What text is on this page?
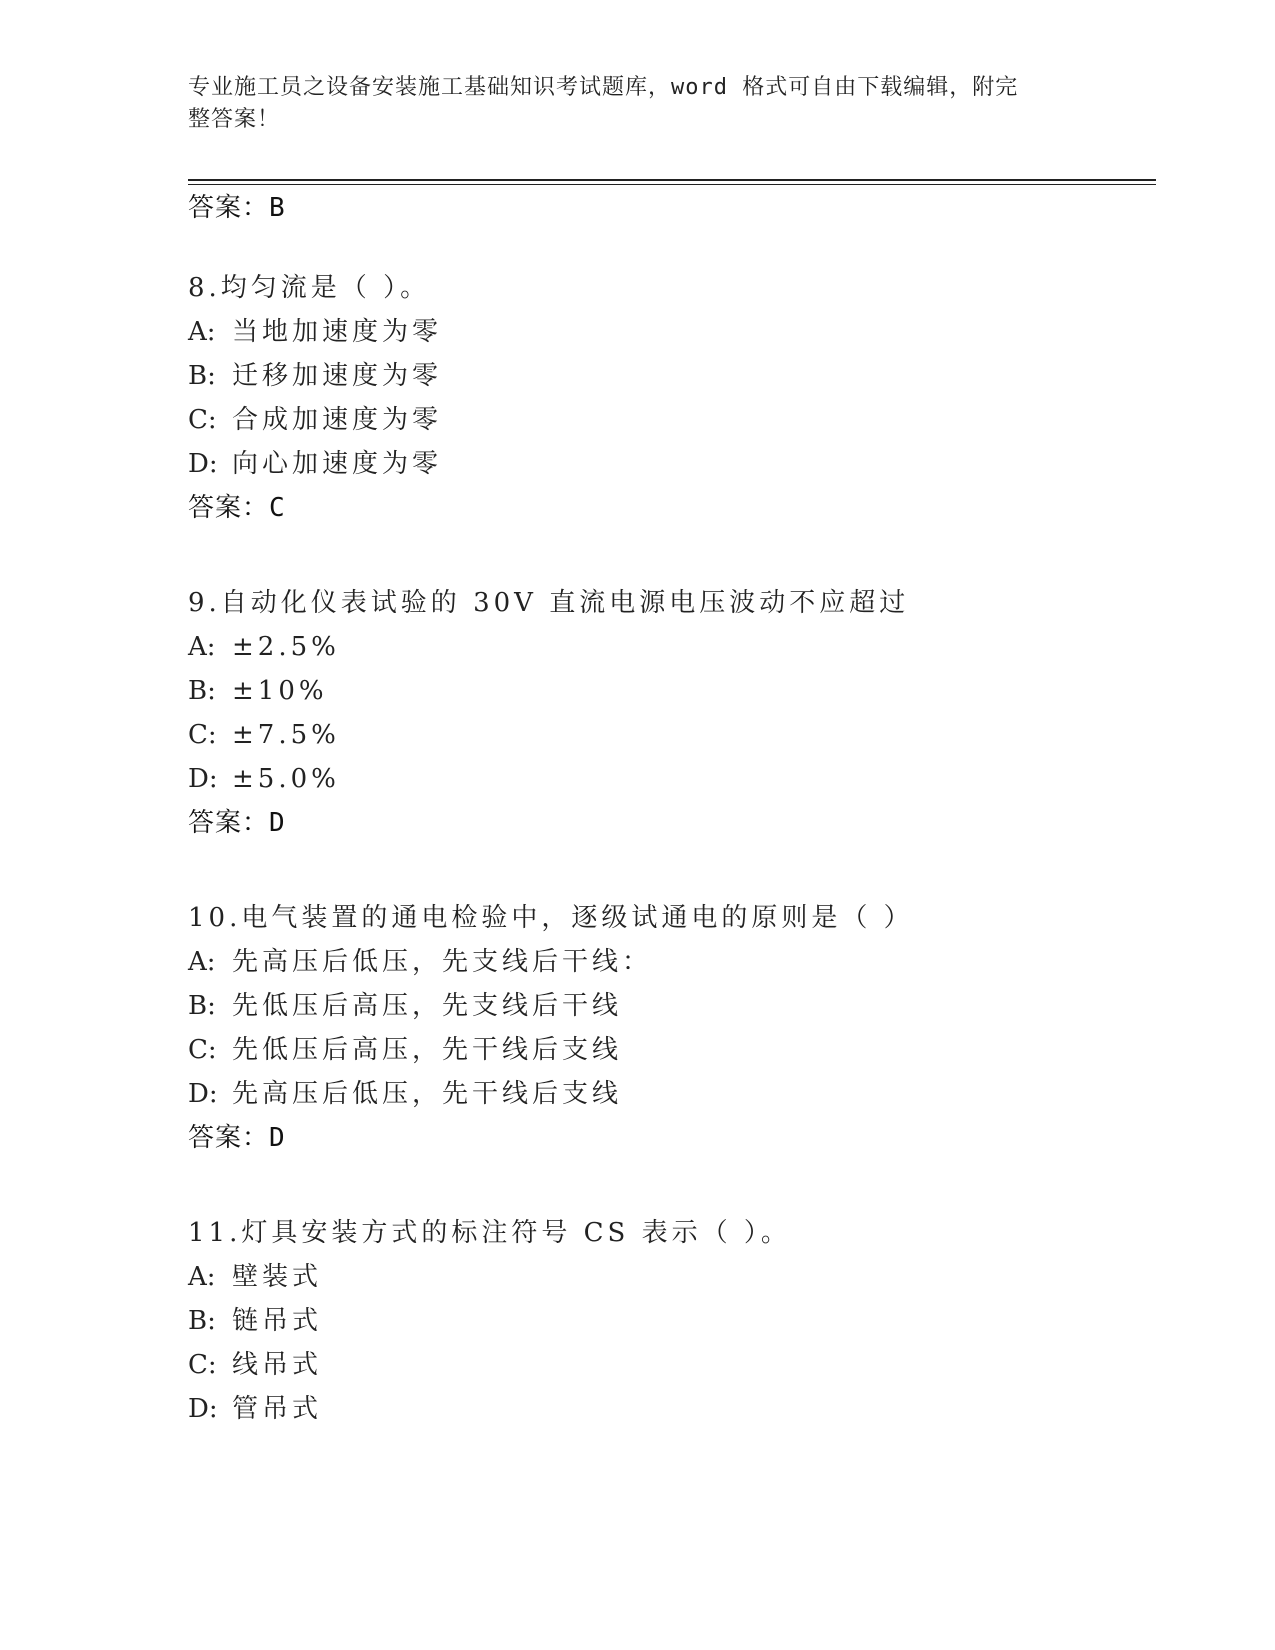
专业施工员之设备安装施工基础知识考试题库，word 格式可自由下载编辑，附完
整答案！
答案：B
8.均匀流是（ ）。
A: 当地加速度为零
B: 迁移加速度为零
C: 合成加速度为零
D: 向心加速度为零
答案：C
9.自动化仪表试验的 30V 直流电源电压波动不应超过
A: ±2.5%
B: ±10%
C: ±7.5%
D: ±5.0%
答案：D
10.电气装置的通电检验中，逐级试通电的原则是（ ）
A: 先高压后低压，先支线后干线：
B: 先低压后高压，先支线后干线
C: 先低压后高压，先干线后支线
D: 先高压后低压，先干线后支线
答案：D
11.灯具安装方式的标注符号 CS 表示（ ）。
A: 壁装式
B: 链吊式
C: 线吊式
D: 管吊式
